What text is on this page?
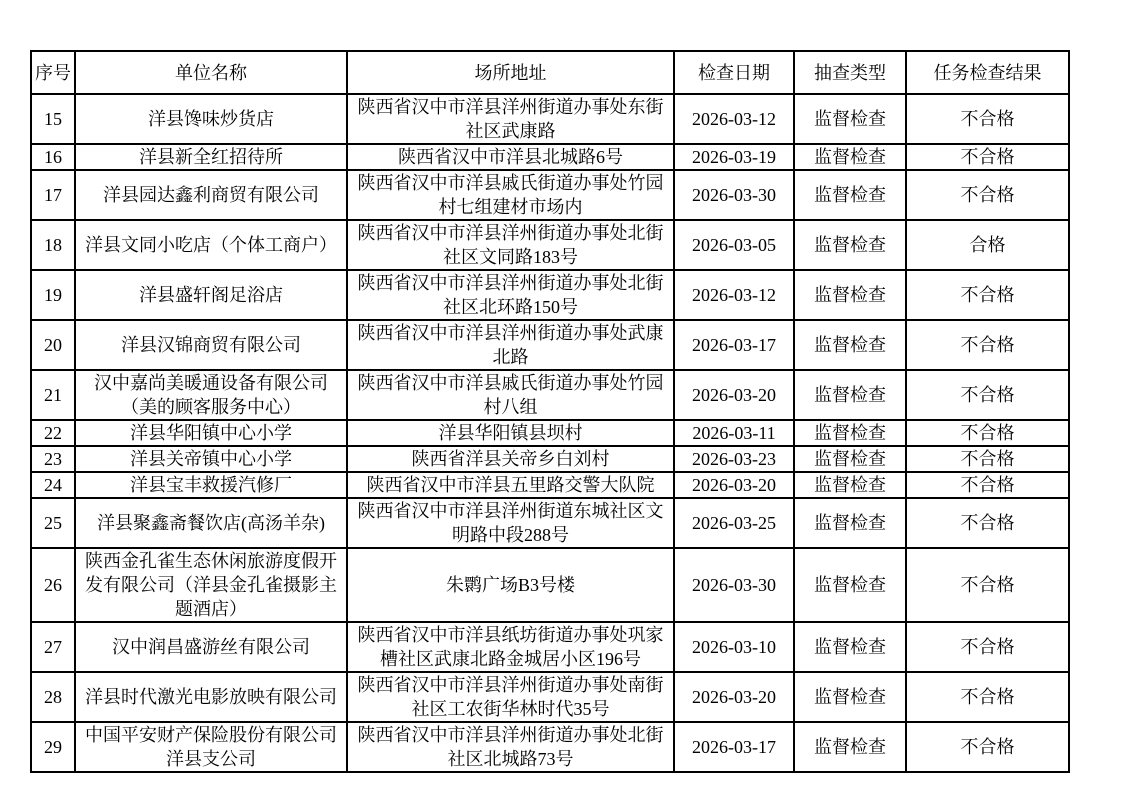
序号	单位名称	场所地址	检查日期	抽查类型	任务检查结果
15	洋县馋味炒货店	陕西省汉中市洋县洋州街道办事处东街社区武康路	2026-03-12	监督检查	不合格
16	洋县新全红招待所	陕西省汉中市洋县北城路6号	2026-03-19	监督检查	不合格
17	洋县园达鑫利商贸有限公司	陕西省汉中市洋县戚氏街道办事处竹园村七组建材市场内	2026-03-30	监督检查	不合格
18	洋县文同小吃店（个体工商户）	陕西省汉中市洋县洋州街道办事处北街社区文同路183号	2026-03-05	监督检查	合格
19	洋县盛轩阁足浴店	陕西省汉中市洋县洋州街道办事处北街社区北环路150号	2026-03-12	监督检查	不合格
20	洋县汉锦商贸有限公司	陕西省汉中市洋县洋州街道办事处武康北路	2026-03-17	监督检查	不合格
21	汉中嘉尚美暖通设备有限公司（美的顾客服务中心）	陕西省汉中市洋县戚氏街道办事处竹园村八组	2026-03-20	监督检查	不合格
22	洋县华阳镇中心小学	洋县华阳镇县坝村	2026-03-11	监督检查	不合格
23	洋县关帝镇中心小学	陕西省洋县关帝乡白刘村	2026-03-23	监督检查	不合格
24	洋县宝丰救援汽修厂	陕西省汉中市洋县五里路交警大队院	2026-03-20	监督检查	不合格
25	洋县聚鑫斋餐饮店(高汤羊杂)	陕西省汉中市洋县洋州街道东城社区文明路中段288号	2026-03-25	监督检查	不合格
26	陕西金孔雀生态休闲旅游度假开发有限公司（洋县金孔雀摄影主题酒店）	朱鹮广场B3号楼	2026-03-30	监督检查	不合格
27	汉中润昌盛游丝有限公司	陕西省汉中市洋县纸坊街道办事处巩家槽社区武康北路金城居小区196号	2026-03-10	监督检查	不合格
28	洋县时代激光电影放映有限公司	陕西省汉中市洋县洋州街道办事处南街社区工农街华林时代35号	2026-03-20	监督检查	不合格
29	中国平安财产保险股份有限公司洋县支公司	陕西省汉中市洋县洋州街道办事处北街社区北城路73号	2026-03-17	监督检查	不合格
